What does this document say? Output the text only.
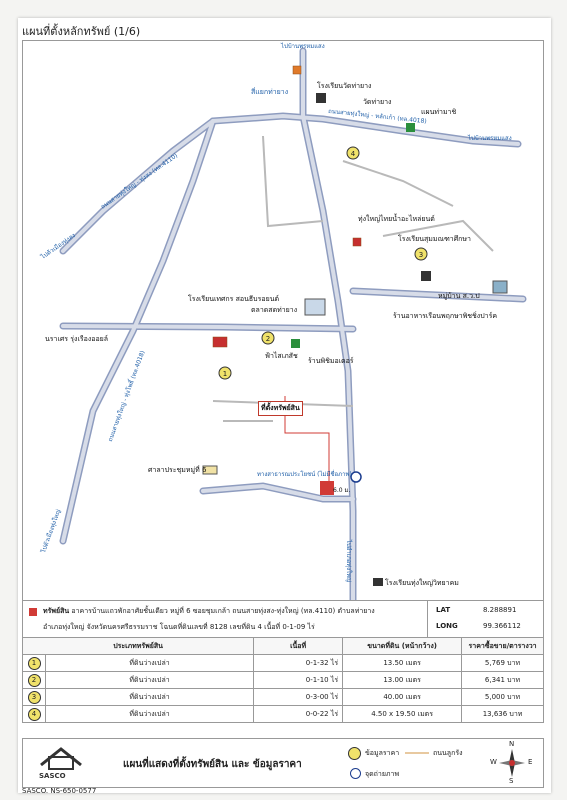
แผนที่ตั้งหลักทรัพย์ (1/6)
1
2
3
4
ไปบ้านพรหมแสง
สี่แยกท่ายาง
ถนนสายทุ่งใหญ่ - หลักเก้า (ทล.4018)
ไปบ้านพรหมแสง
ถนนสายทุ่งใหญ่ - ทุ่งสง (ทล.4110)
ไปตัวเมืองทุ่งสง
ถนนสายทุ่งใหญ่ - ทุ่งโพธิ์ (ทล.4018)
ไปตัวเมืองทุ่งใหญ่
ไปอำเภอทุ่งใหญ่
ทางสาธารณประโยชน์ (ไม่มีชื่อภาพ)
6.0 ม.
โรงเรียนวัดท่ายาง
วัดท่ายาง
แผนท่ามาชิ
ทุ่งใหญ่ไทยน้ำอะไหล่ยนต์
โรงเรียนสุมมณฑาศึกษา
หมู่บ้าน ส.ว.ป
ร้านอาหารเรือนพฤกษาพิชชิ่งปาร์ค
โรงเรียนเทศกร สอนธีบรอยนต์
ตลาดสดท่ายาง
นราเศร รุ่งเรืองออยล์
ฟ้าไสเภสัช
ร้านพิชิมอเตอร์
ที่ตั้งทรัพย์สิน
ศาลาประชุมหมู่ที่ 6
โรงเรียนทุ่งใหญ่วิทยาคม
ทรัพย์สิน อาคารบ้านแถวพักอาศัยชั้นเดียว หมู่ที่ 6 ซอยชุมเกล้า ถนนสายทุ่งสง-ทุ่งใหญ่ (ทล.4110) ตำบลท่ายาง
อำเภอทุ่งใหญ่ จังหวัดนครศรีธรรมราช โฉนดที่ดินเลขที่ 8128 เลขที่ดิน 4 เนื้อที่ 0-1-09 ไร่
LAT	8.288891
LONG	99.366112
ประเภททรัพย์สิน		เนื้อที่	ขนาดที่ดิน (หน้ากว้าง)	ราคาซื้อขาย/ตารางวา
1	ที่ดินว่างเปล่า	0-1-32 ไร่	13.50 เมตร	5,769 บาท
2	ที่ดินว่างเปล่า	0-1-10 ไร่	13.00 เมตร	6,341 บาท
3	ที่ดินว่างเปล่า	0-3-00 ไร่	40.00 เมตร	5,000 บาท
4	ที่ดินว่างเปล่า	0-0-22 ไร่	4.50 x 19.50 เมตร	13,636 บาท
SASCO
แผนที่แสดงที่ตั้งทรัพย์สิน และ ข้อมูลราคา
ข้อมูลราคา	ถนนลูกรัง
จุดถ่ายภาพ
N
S
E
W
SASCO. NS-650-0577
